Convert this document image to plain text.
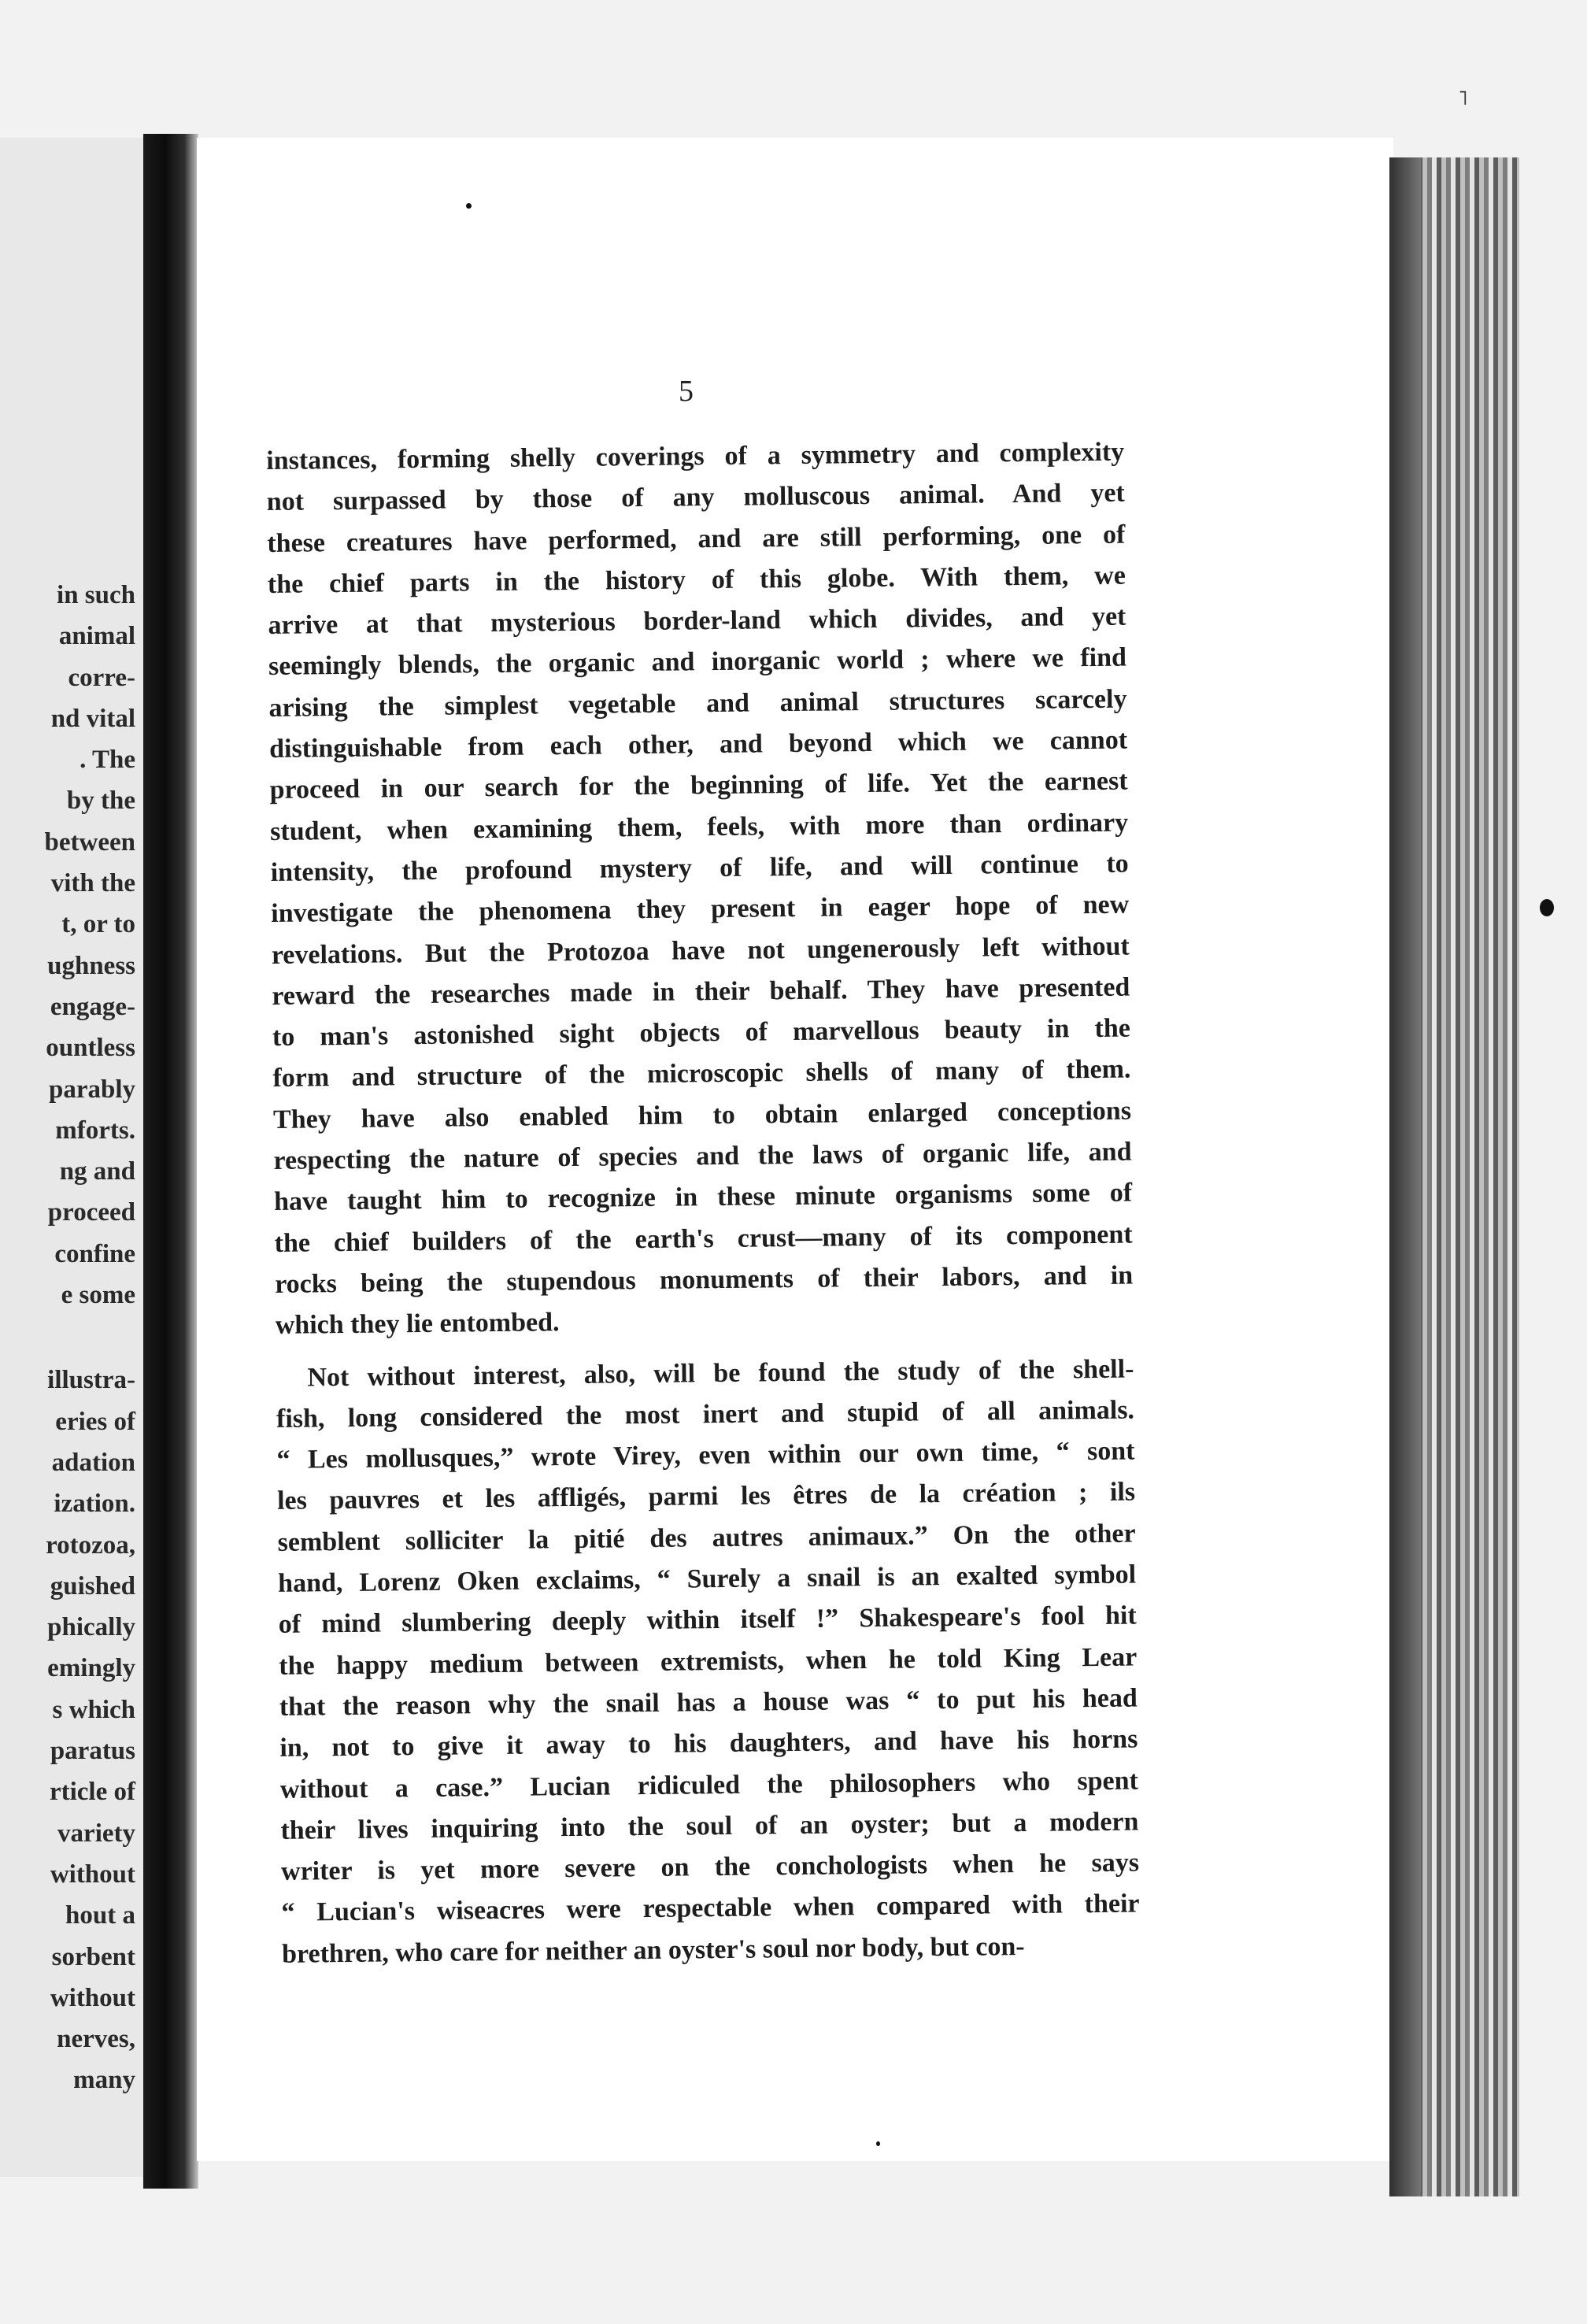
in such
animal
corre-
nd vital
. The
by the
between
vith the
t, or to
ughness
engage-
ountless
parably
mforts.
ng and
proceed
confine
e some
illustra-
eries of
adation
ization.
rotozoa,
guished
phically
emingly
s which
paratus
rticle of
variety
without
hout a
sorbent
without
nerves,
many
˥
5
instances, forming shelly coverings of a symmetry and complexity
not surpassed by those of any molluscous animal. And yet
these creatures have performed, and are still performing, one of
the chief parts in the history of this globe. With them, we
arrive at that mysterious border-land which divides, and yet
seemingly blends, the organic and inorganic world ; where we find
arising the simplest vegetable and animal structures scarcely
distinguishable from each other, and beyond which we cannot
proceed in our search for the beginning of life. Yet the earnest
student, when examining them, feels, with more than ordinary
intensity, the profound mystery of life, and will continue to
investigate the phenomena they present in eager hope of new
revelations. But the Protozoa have not ungenerously left without
reward the researches made in their behalf. They have presented
to man's astonished sight objects of marvellous beauty in the
form and structure of the microscopic shells of many of them.
They have also enabled him to obtain enlarged conceptions
respecting the nature of species and the laws of organic life, and
have taught him to recognize in these minute organisms some of
the chief builders of the earth's crust—many of its component
rocks being the stupendous monuments of their labors, and in
which they lie entombed.
Not without interest, also, will be found the study of the shell-
fish, long considered the most inert and stupid of all animals.
“ Les mollusques,” wrote Virey, even within our own time, “ sont
les pauvres et les affligés, parmi les êtres de la création ; ils
semblent solliciter la pitié des autres animaux.” On the other
hand, Lorenz Oken exclaims, “ Surely a snail is an exalted symbol
of mind slumbering deeply within itself !” Shakespeare's fool hit
the happy medium between extremists, when he told King Lear
that the reason why the snail has a house was “ to put his head
in, not to give it away to his daughters, and have his horns
without a case.” Lucian ridiculed the philosophers who spent
their lives inquiring into the soul of an oyster; but a modern
writer is yet more severe on the conchologists when he says
“ Lucian's wiseacres were respectable when compared with their
brethren, who care for neither an oyster's soul nor body, but con-
